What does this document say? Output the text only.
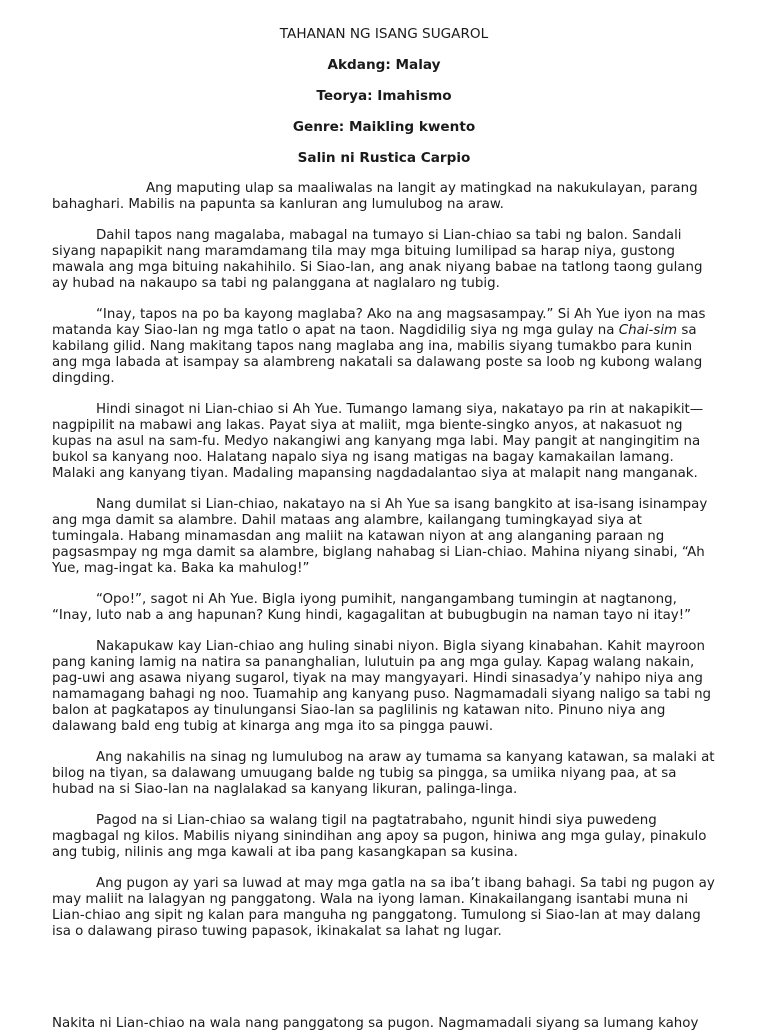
TAHANAN NG ISANG SUGAROL
Akdang: Malay
Teorya: Imahismo
Genre: Maikling kwento
Salin ni Rustica Carpio

Ang maputing ulap sa maaliwalas na langit ay matingkad na nakukulayan, parang bahaghari. Mabilis na papunta sa kanluran ang lumulubog na araw.

Dahil tapos nang magalaba, mabagal na tumayo si Lian-chiao sa tabi ng balon. Sandali siyang napapikit nang maramdamang tila may mga bituing lumilipad sa harap niya, gustong mawala ang mga bituing nakahihilo. Si Siao-lan, ang anak niyang babae na tatlong taong gulang ay hubad na nakaupo sa tabi ng palanggana at naglalaro ng tubig.

“Inay, tapos na po ba kayong maglaba? Ako na ang magsasampay.” Si Ah Yue iyon na mas matanda kay Siao-lan ng mga tatlo o apat na taon. Nagdidilig siya ng mga gulay na Chai-sim sa kabilang gilid. Nang makitang tapos nang maglaba ang ina, mabilis siyang tumakbo para kunin ang mga labada at isampay sa alambreng nakatali sa dalawang poste sa loob ng kubong walang dingding.

Hindi sinagot ni Lian-chiao si Ah Yue. Tumango lamang siya, nakatayo pa rin at nakapikit—nagpipilit na mabawi ang lakas. Payat siya at maliit, mga biente-singko anyos, at nakasuot ng kupas na asul na sam-fu. Medyo nakangiwi ang kanyang mga labi. May pangit at nangingitim na bukol sa kanyang noo. Halatang napalo siya ng isang matigas na bagay kamakailan lamang. Malaki ang kanyang tiyan. Madaling mapansing nagdadalantao siya at malapit nang manganak.

Nang dumilat si Lian-chiao, nakatayo na si Ah Yue sa isang bangkito at isa-isang isinampay ang mga damit sa alambre. Dahil mataas ang alambre, kailangang tumingkayad siya at tumingala. Habang minamasdan ang maliit na katawan niyon at ang alanganing paraan ng pagsasmpay ng mga damit sa alambre, biglang nahabag si Lian-chiao. Mahina niyang sinabi, “Ah Yue, mag-ingat ka. Baka ka mahulog!”

“Opo!”, sagot ni Ah Yue. Bigla iyong pumihit, nangangambang tumingin at nagtanong, “Inay, luto nab a ang hapunan? Kung hindi, kagagalitan at bubugbugin na naman tayo ni itay!”

Nakapukaw kay Lian-chiao ang huling sinabi niyon. Bigla siyang kinabahan. Kahit mayroon pang kaning lamig na natira sa pananghalian, lulutuin pa ang mga gulay. Kapag walang nakain, pag-uwi ang asawa niyang sugarol, tiyak na may mangyayari. Hindi sinasadya’y nahipo niya ang namamagang bahagi ng noo. Tuamahip ang kanyang puso. Nagmamadali siyang naligo sa tabi ng balon at pagkatapos ay tinulungansi Siao-lan sa paglilinis ng katawan nito. Pinuno niya ang dalawang bald eng tubig at kinarga ang mga ito sa pingga pauwi.

Ang nakahilis na sinag ng lumulubog na araw ay tumama sa kanyang katawan, sa malaki at bilog na tiyan, sa dalawang umuugang balde ng tubig sa pingga, sa umiika niyang paa, at sa hubad na si Siao-lan na naglalakad sa kanyang likuran, palinga-linga.

Pagod na si Lian-chiao sa walang tigil na pagtatrabaho, ngunit hindi siya puwedeng magbagal ng kilos. Mabilis niyang sinindihan ang apoy sa pugon, hiniwa ang mga gulay, pinakulo ang tubig, nilinis ang mga kawali at iba pang kasangkapan sa kusina.

Ang pugon ay yari sa luwad at may mga gatla na sa iba’t ibang bahagi. Sa tabi ng pugon ay may maliit na lalagyan ng panggatong. Wala na iyong laman. Kinakailangang isantabi muna ni Lian-chiao ang sipit ng kalan para manguha ng panggatong. Tumulong si Siao-lan at may dalang isa o dalawang piraso tuwing papasok, ikinakalat sa lahat ng lugar.

Nakita ni Lian-chiao na wala nang panggatong sa pugon. Nagmamadali siyang sa lumang kahoy
